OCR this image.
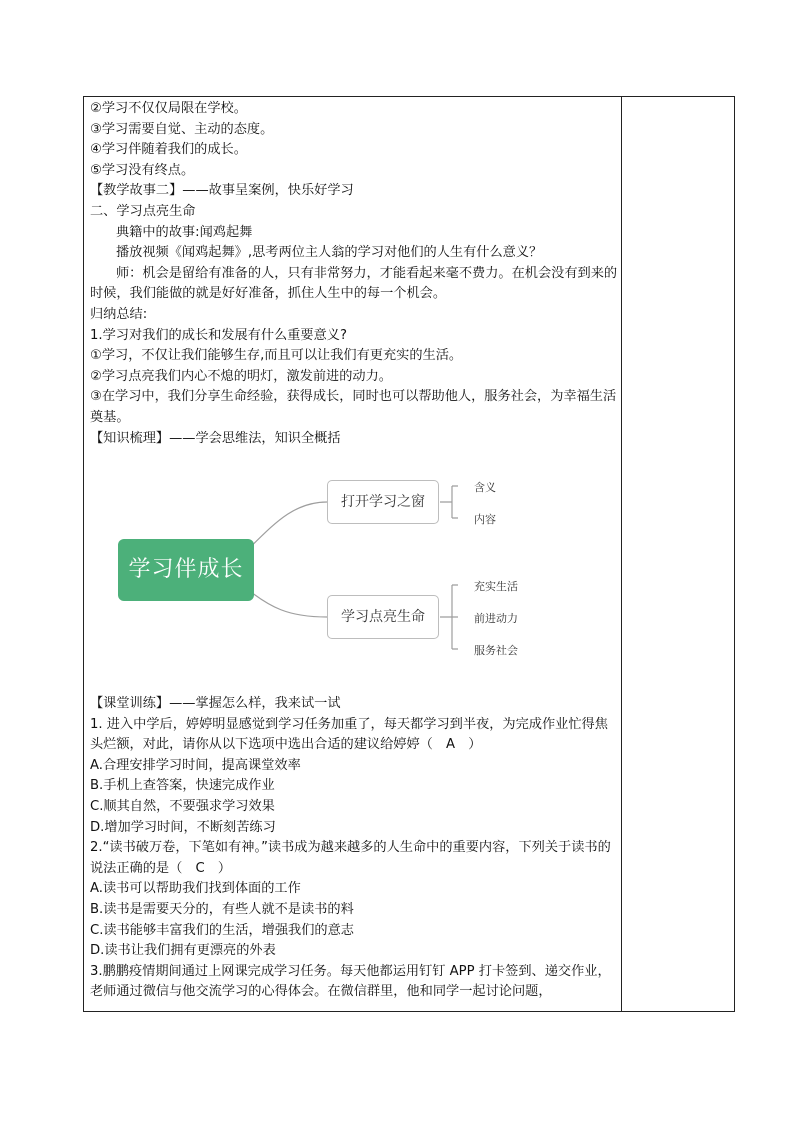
②学习不仅仅局限在学校。
③学习需要自觉、主动的态度。
④学习伴随着我们的成长。
⑤学习没有终点。
【教学故事二】——故事呈案例，快乐好学习
二、学习点亮生命
典籍中的故事:闻鸡起舞
播放视频《闻鸡起舞》,思考两位主人翁的学习对他们的人生有什么意义？
师：机会是留给有准备的人，只有非常努力，才能看起来毫不费力。在机会没有到来的时候，我们能做的就是好好准备，抓住人生中的每一个机会。
归纳总结:
1.学习对我们的成长和发展有什么重要意义?
①学习，不仅让我们能够生存,而且可以让我们有更充实的生活。
②学习点亮我们内心不熄的明灯，激发前进的动力。
③在学习中，我们分享生命经验，获得成长，同时也可以帮助他人，服务社会，为幸福生活奠基。
【知识梳理】——学会思维法，知识全概括
学习伴成长
打开学习之窗
学习点亮生命
含义
内容
充实生活
前进动力
服务社会
【课堂训练】——掌握怎么样，我来试一试
1. 进入中学后，婷婷明显感觉到学习任务加重了，每天都学习到半夜，为完成作业忙得焦头烂额，对此，请你从以下选项中选出合适的建议给婷婷（　A　）
A.合理安排学习时间，提高课堂效率
B.手机上查答案，快速完成作业
C.顺其自然，不要强求学习效果
D.增加学习时间，不断刻苦练习
2.“读书破万卷，下笔如有神。”读书成为越来越多的人生命中的重要内容，下列关于读书的说法正确的是（　C　）
A.读书可以帮助我们找到体面的工作
B.读书是需要天分的，有些人就不是读书的料
C.读书能够丰富我们的生活，增强我们的意志
D.读书让我们拥有更漂亮的外表
3.鹏鹏疫情期间通过上网课完成学习任务。每天他都运用钉钉 APP 打卡签到、递交作业，老师通过微信与他交流学习的心得体会。在微信群里，他和同学一起讨论问题，
